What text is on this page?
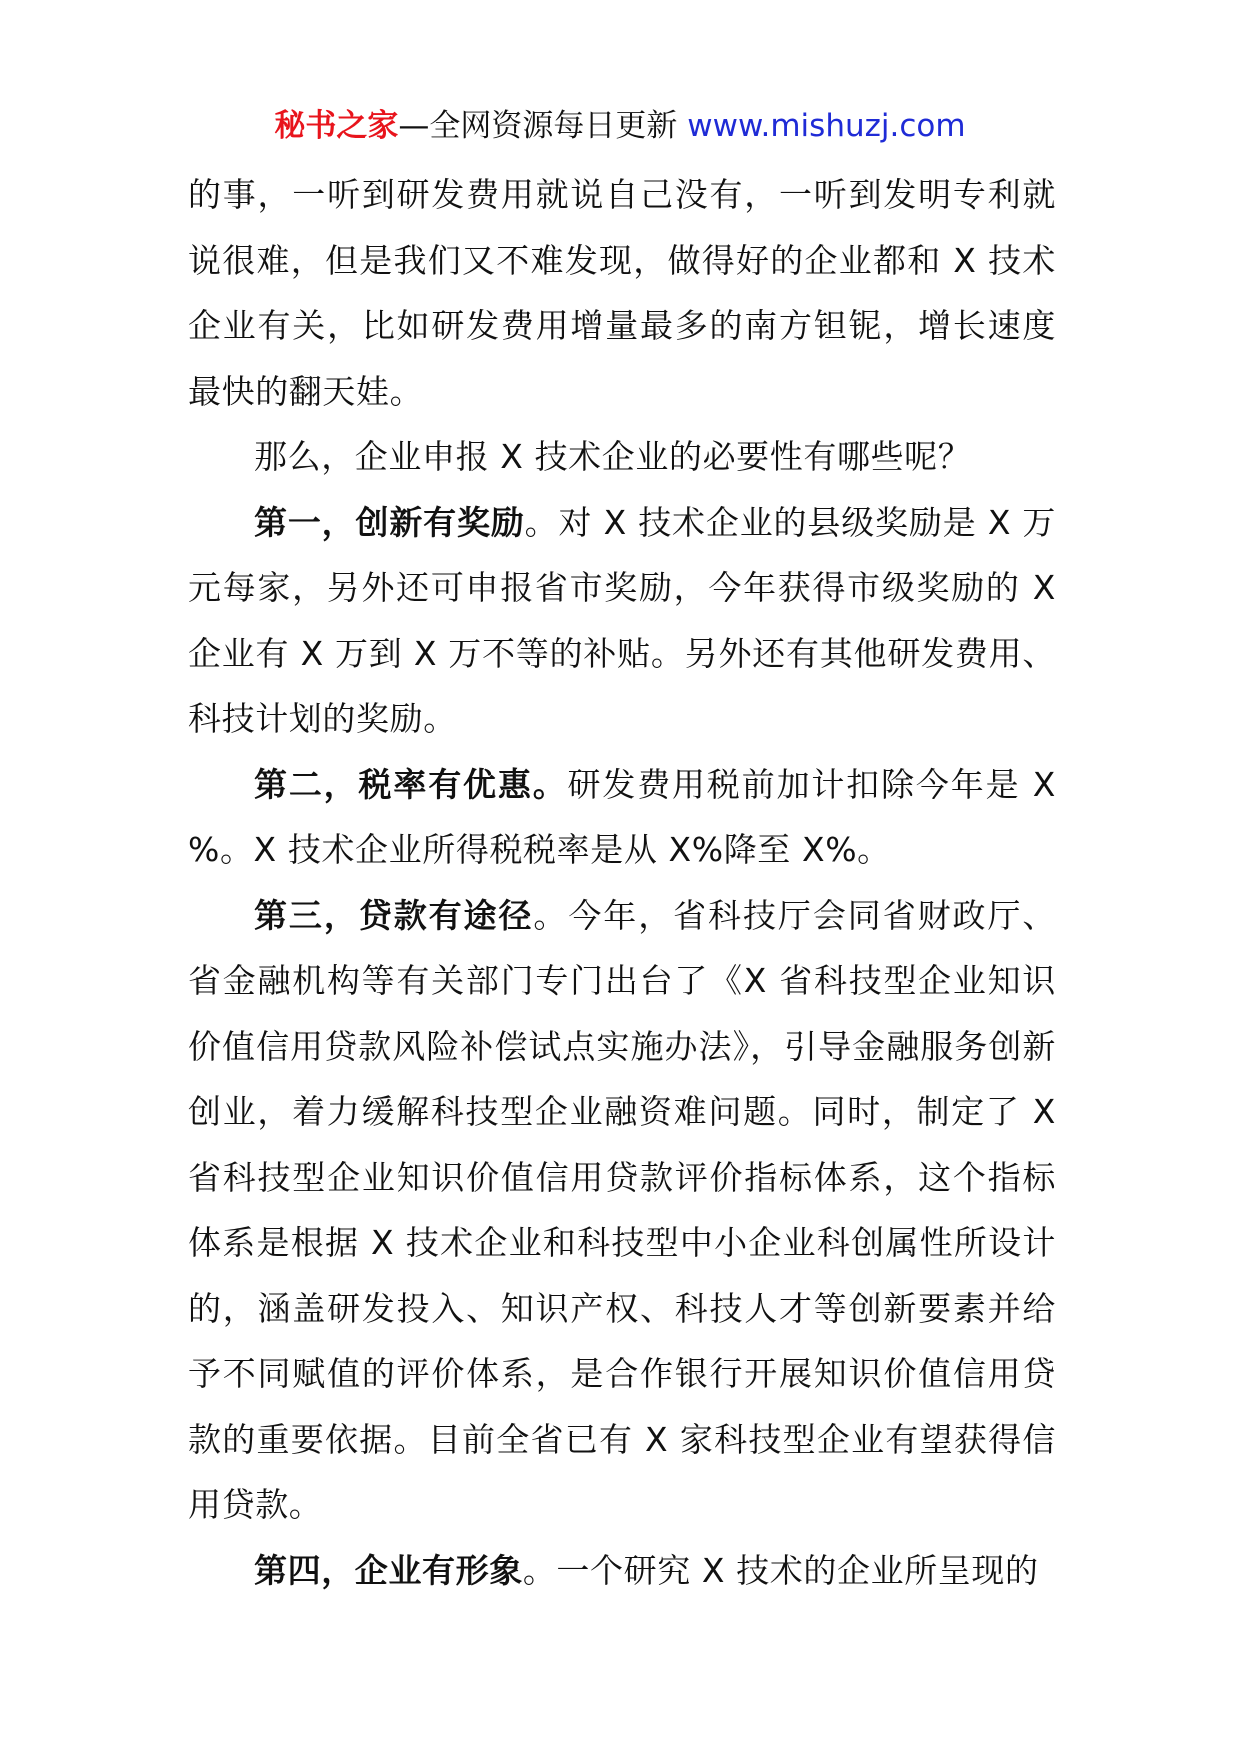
秘书之家—全网资源每日更新 www.mishuzj.com

的事，一听到研发费用就说自己没有，一听到发明专利就说很难，但是我们又不难发现，做得好的企业都和 X 技术企业有关，比如研发费用增量最多的南方钽铌，增长速度最快的翻天娃。

那么，企业申报 X 技术企业的必要性有哪些呢？

第一，创新有奖励。对 X 技术企业的县级奖励是 X 万元每家，另外还可申报省市奖励，今年获得市级奖励的 X 企业有 X 万到 X 万不等的补贴。另外还有其他研发费用、科技计划的奖励。

第二，税率有优惠。研发费用税前加计扣除今年是 X %。X 技术企业所得税税率是从 X%降至 X%。

第三，贷款有途径。今年，省科技厅会同省财政厅、省金融机构等有关部门专门出台了《X 省科技型企业知识价值信用贷款风险补偿试点实施办法》，引导金融服务创新创业，着力缓解科技型企业融资难问题。同时，制定了 X 省科技型企业知识价值信用贷款评价指标体系，这个指标体系是根据 X 技术企业和科技型中小企业科创属性所设计的，涵盖研发投入、知识产权、科技人才等创新要素并给予不同赋值的评价体系，是合作银行开展知识价值信用贷款的重要依据。目前全省已有 X 家科技型企业有望获得信用贷款。

第四，企业有形象。一个研究 X 技术的企业所呈现的
